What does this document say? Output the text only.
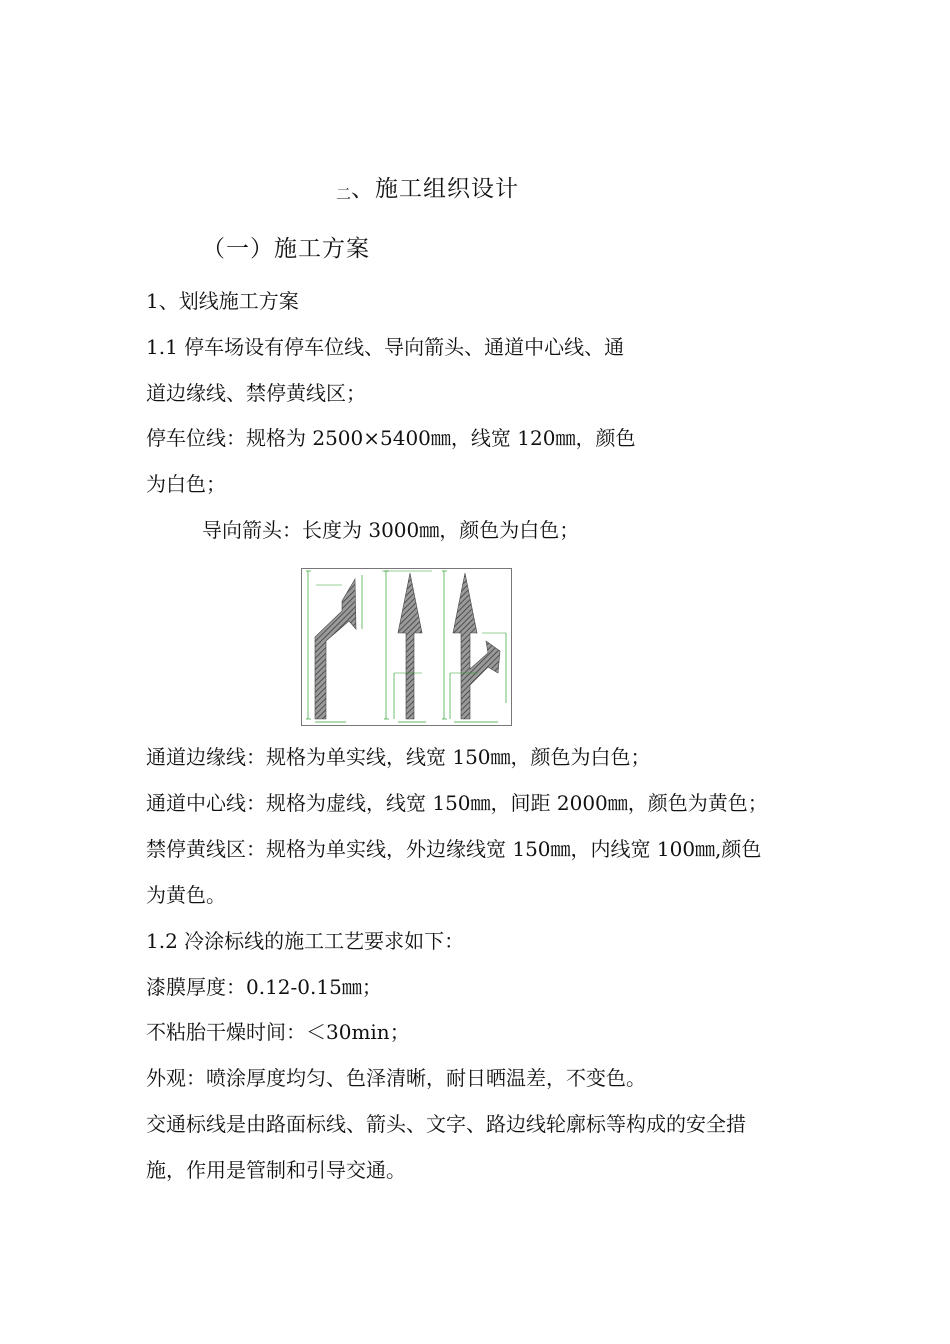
二、施工组织设计
（一）施工方案
1、划线施工方案
1.1 停车场设有停车位线、导向箭头、通道中心线、通
道边缘线、禁停黄线区；
停车位线：规格为 2500×5400㎜，线宽 120㎜，颜色
为白色；
导向箭头：长度为 3000㎜，颜色为白色；
通道边缘线：规格为单实线，线宽 150㎜，颜色为白色；
通道中心线：规格为虚线，线宽 150㎜，间距 2000㎜，颜色为黄色；
禁停黄线区：规格为单实线，外边缘线宽 150㎜，内线宽 100㎜,颜色
为黄色。
1.2 冷涂标线的施工工艺要求如下：
漆膜厚度：0.12-0.15㎜；
不粘胎干燥时间：＜30min；
外观：喷涂厚度均匀、色泽清晰，耐日晒温差，不变色。
交通标线是由路面标线、箭头、文字、路边线轮廓标等构成的安全措
施，作用是管制和引导交通。
